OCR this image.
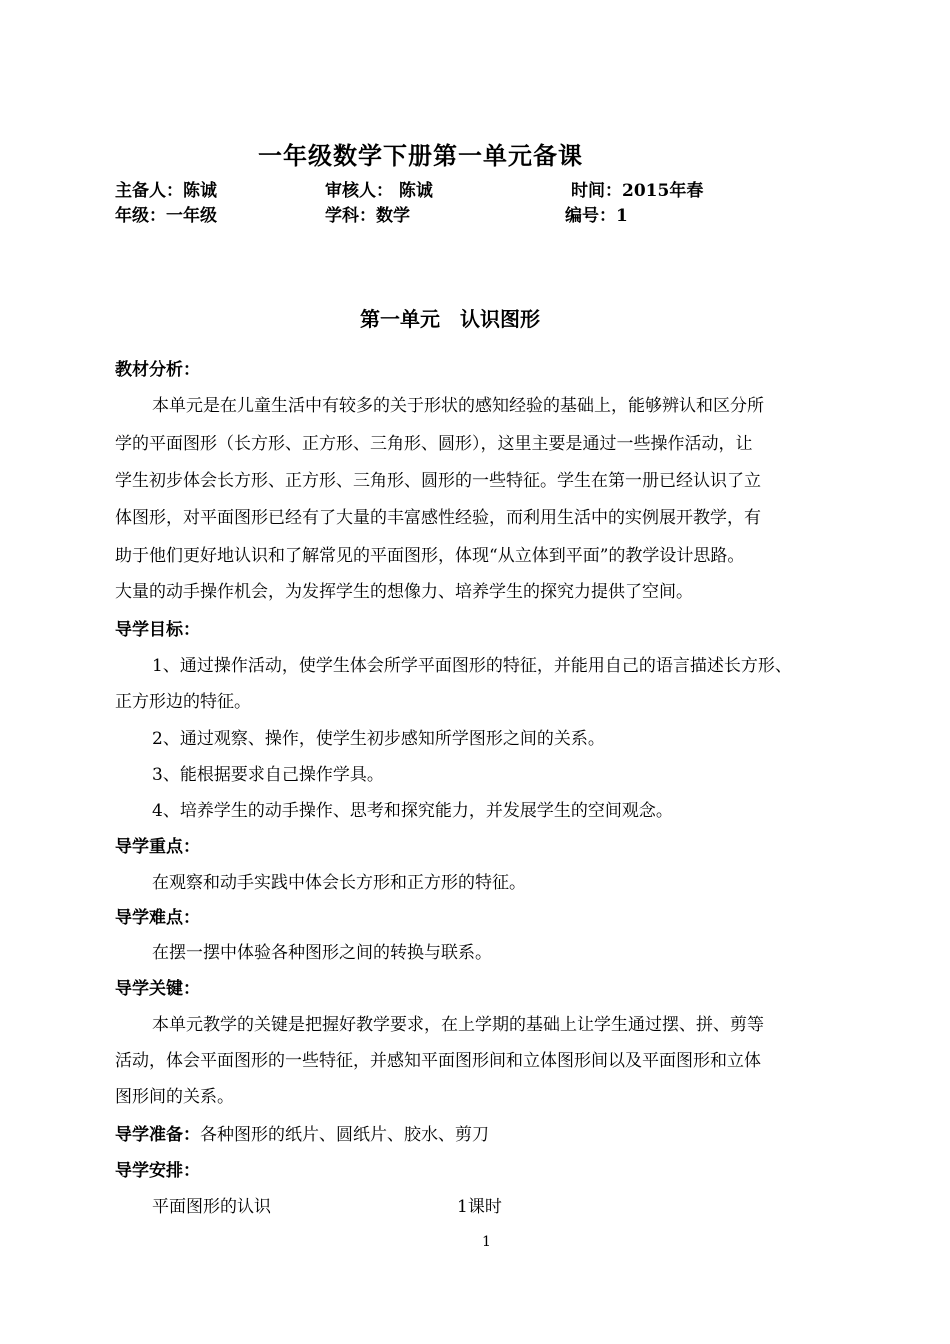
一年级数学下册第一单元备课
主备人：陈诚	审核人： 陈诚	时间：2015年春
年级：一年级	学科：数学	编号：1
第一单元　认识图形
教材分析：
本单元是在儿童生活中有较多的关于形状的感知经验的基础上，能够辨认和区分所
学的平面图形（长方形、正方形、三角形、圆形），这里主要是通过一些操作活动，让
学生初步体会长方形、正方形、三角形、圆形的一些特征。学生在第一册已经认识了立
体图形，对平面图形已经有了大量的丰富感性经验，而利用生活中的实例展开教学，有
助于他们更好地认识和了解常见的平面图形，体现“从立体到平面”的教学设计思路。
大量的动手操作机会，为发挥学生的想像力、培养学生的探究力提供了空间。
导学目标：
1、通过操作活动，使学生体会所学平面图形的特征，并能用自己的语言描述长方形、
正方形边的特征。
2、通过观察、操作，使学生初步感知所学图形之间的关系。
3、能根据要求自己操作学具。
4、培养学生的动手操作、思考和探究能力，并发展学生的空间观念。
导学重点：
在观察和动手实践中体会长方形和正方形的特征。
导学难点：
在摆一摆中体验各种图形之间的转换与联系。
导学关键：
本单元教学的关键是把握好教学要求，在上学期的基础上让学生通过摆、拼、剪等
活动，体会平面图形的一些特征，并感知平面图形间和立体图形间以及平面图形和立体
图形间的关系。
导学准备：各种图形的纸片、圆纸片、胶水、剪刀
导学安排：
平面图形的认识	1课时
1
